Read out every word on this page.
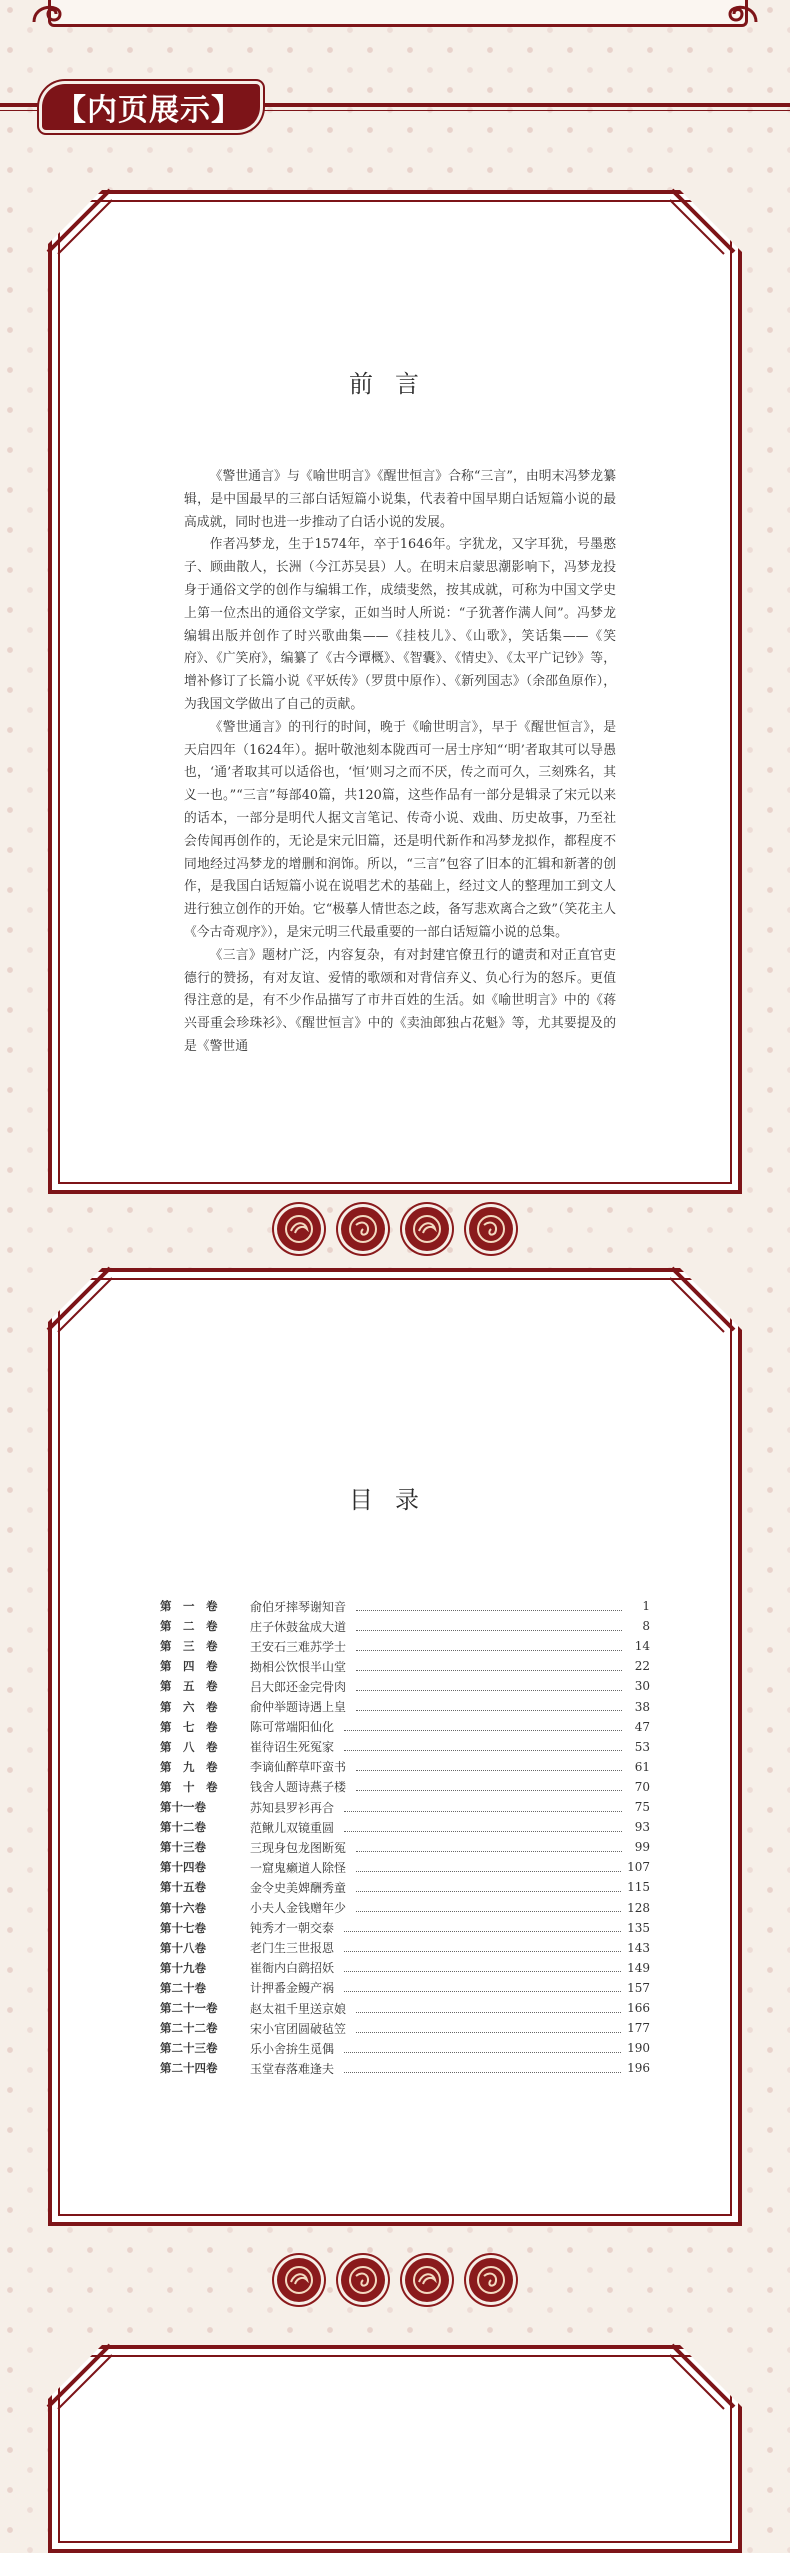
【内页展示】
前言

《警世通言》与《喻世明言》《醒世恒言》合称“三言”，由明末冯梦龙纂辑，是中国最早的三部白话短篇小说集，代表着中国早期白话短篇小说的最高成就，同时也进一步推动了白话小说的发展。

作者冯梦龙，生于1574年，卒于1646年。字犹龙，又字耳犹，号墨憨子、顾曲散人，长洲（今江苏吴县）人。在明末启蒙思潮影响下，冯梦龙投身于通俗文学的创作与编辑工作，成绩斐然，按其成就，可称为中国文学史上第一位杰出的通俗文学家，正如当时人所说：“子犹著作满人间”。冯梦龙编辑出版并创作了时兴歌曲集——《挂枝儿》、《山歌》，笑话集——《笑府》、《广笑府》，编纂了《古今谭概》、《智囊》、《情史》、《太平广记钞》等，增补修订了长篇小说《平妖传》（罗贯中原作）、《新列国志》（余邵鱼原作），为我国文学做出了自己的贡献。

《警世通言》的刊行的时间，晚于《喻世明言》，早于《醒世恒言》，是天启四年（1624年）。据叶敬池刻本陇西可一居士序知“‘明’者取其可以导愚也，‘通’者取其可以适俗也，‘恒’则习之而不厌，传之而可久，三刻殊名，其义一也。”“三言”每部40篇，共120篇，这些作品有一部分是辑录了宋元以来的话本，一部分是明代人据文言笔记、传奇小说、戏曲、历史故事，乃至社会传闻再创作的，无论是宋元旧篇，还是明代新作和冯梦龙拟作，都程度不同地经过冯梦龙的增删和润饰。所以，“三言”包容了旧本的汇辑和新著的创作，是我国白话短篇小说在说唱艺术的基础上，经过文人的整理加工到文人进行独立创作的开始。它“极摹人情世态之歧，备写悲欢离合之致”（笑花主人《今古奇观序》），是宋元明三代最重要的一部白话短篇小说的总集。

《三言》题材广泛，内容复杂，有对封建官僚丑行的谴责和对正直官吏德行的赞扬，有对友谊、爱情的歌颂和对背信弃义、负心行为的怒斥。更值得注意的是，有不少作品描写了市井百姓的生活。如《喻世明言》中的《蒋兴哥重会珍珠衫》、《醒世恒言》中的《卖油郎独占花魁》等，尤其要提及的是《警世通

目录
第　一　卷	俞伯牙摔琴谢知音	1
第　二　卷	庄子休鼓盆成大道	8
第　三　卷	王安石三难苏学士	14
第　四　卷	拗相公饮恨半山堂	22
第　五　卷	吕大郎还金完骨肉	30
第　六　卷	俞仲举题诗遇上皇	38
第　七　卷	陈可常端阳仙化	47
第　八　卷	崔待诏生死冤家	53
第　九　卷	李谪仙醉草吓蛮书	61
第　十　卷	钱舍人题诗燕子楼	70
第十一卷	苏知县罗衫再合	75
第十二卷	范鳅儿双镜重圆	93
第十三卷	三现身包龙图断冤	99
第十四卷	一窟鬼癞道人除怪	107
第十五卷	金令史美婢酬秀童	115
第十六卷	小夫人金钱赠年少	128
第十七卷	钝秀才一朝交泰	135
第十八卷	老门生三世报恩	143
第十九卷	崔衙内白鹞招妖	149
第二十卷	计押番金鳗产祸	157
第二十一卷	赵太祖千里送京娘	166
第二十二卷	宋小官团圆破毡笠	177
第二十三卷	乐小舍拚生觅偶	190
第二十四卷	玉堂春落难逢夫	196
